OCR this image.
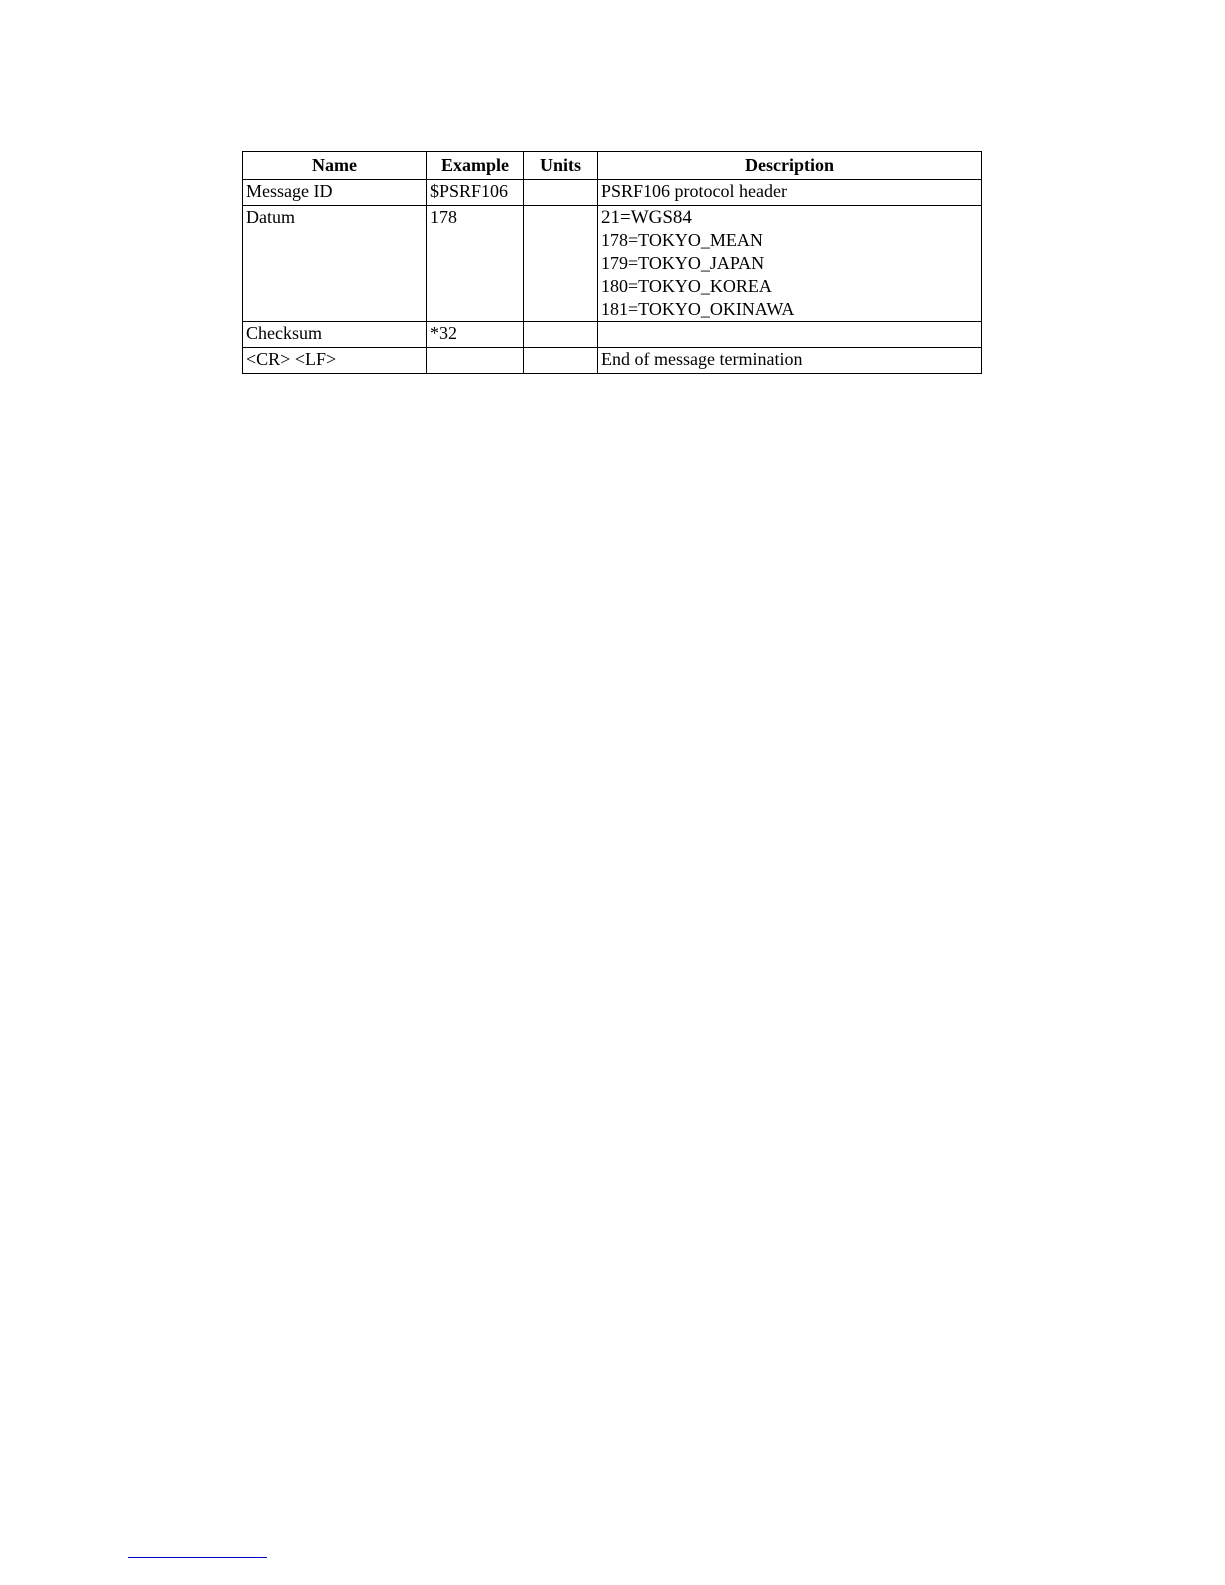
Name	Example	Units	Description
Message ID	$PSRF106		PSRF106 protocol header

Datum	178		21=WGS84
178=TOKYO_MEAN
179=TOKYO_JAPAN
180=TOKYO_KOREA
181=TOKYO_OKINAWA

Checksum	*32		

<CR> <LF>			End of message termination
